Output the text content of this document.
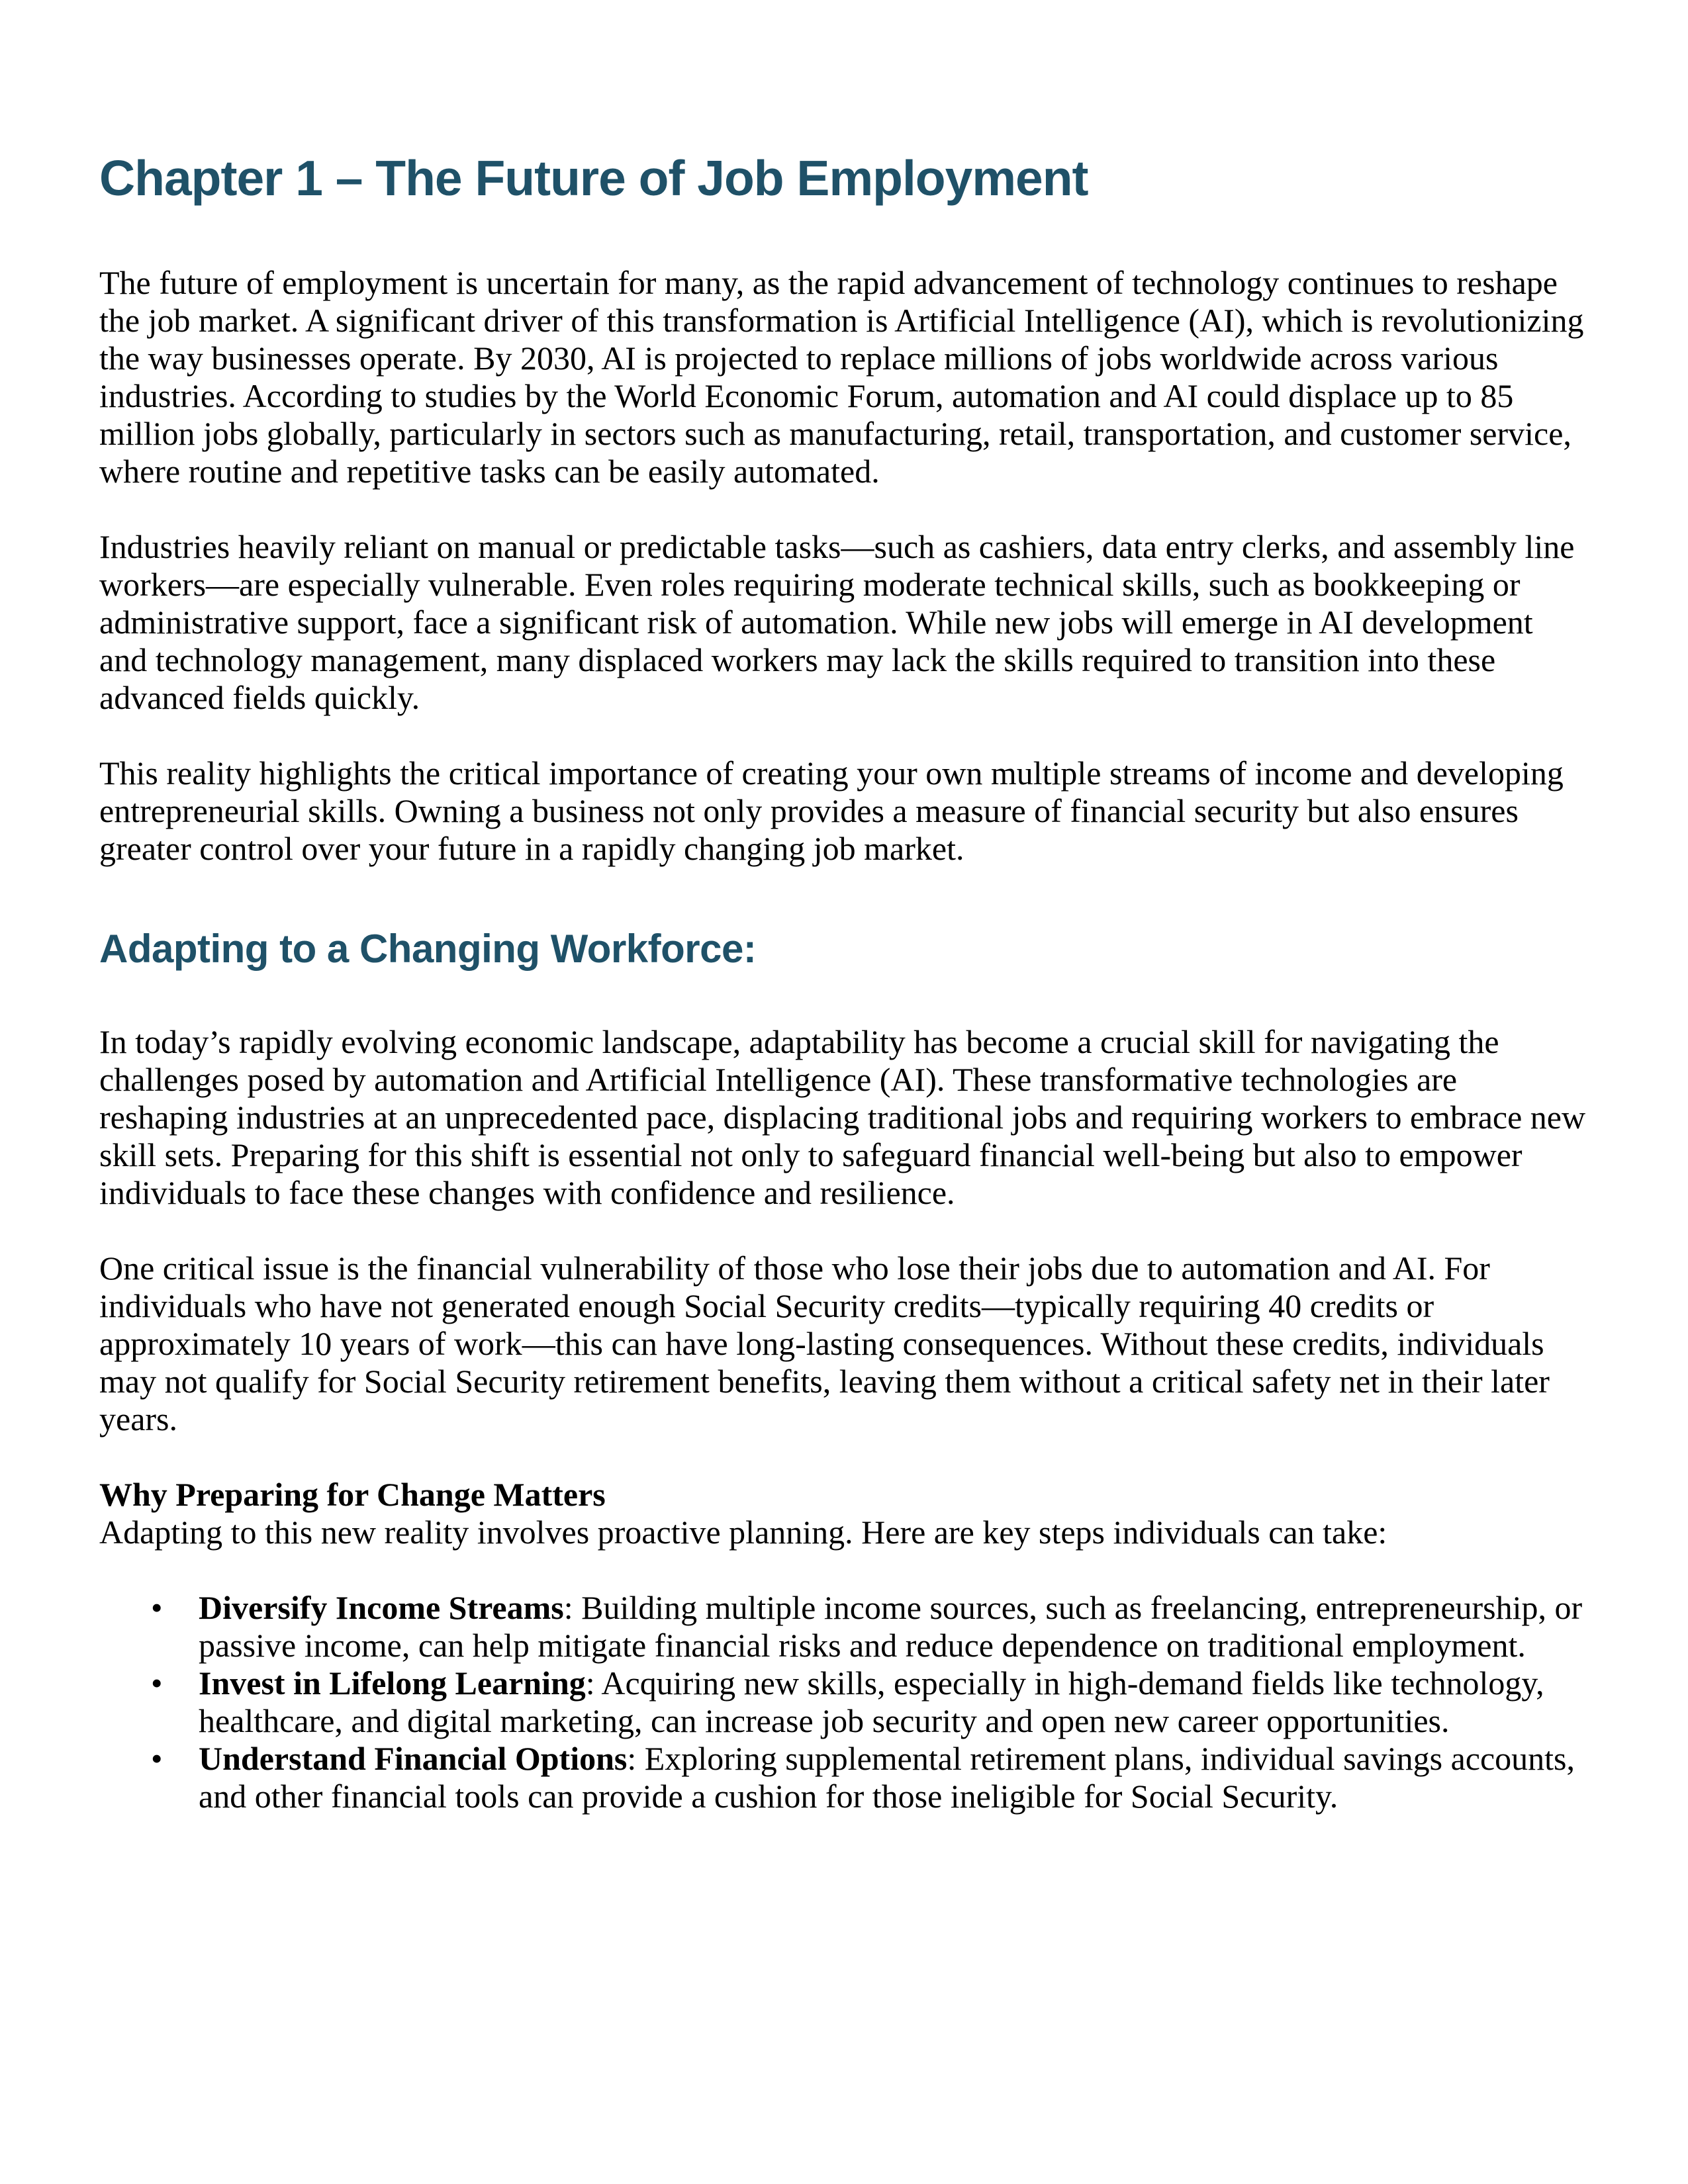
Chapter 1 – The Future of Job Employment

The future of employment is uncertain for many, as the rapid advancement of technology continues to reshape the job market. A significant driver of this transformation is Artificial Intelligence (AI), which is revolutionizing the way businesses operate. By 2030, AI is projected to replace millions of jobs worldwide across various industries. According to studies by the World Economic Forum, automation and AI could displace up to 85 million jobs globally, particularly in sectors such as manufacturing, retail, transportation, and customer service, where routine and repetitive tasks can be easily automated.

Industries heavily reliant on manual or predictable tasks—such as cashiers, data entry clerks, and assembly line workers—are especially vulnerable. Even roles requiring moderate technical skills, such as bookkeeping or administrative support, face a significant risk of automation. While new jobs will emerge in AI development and technology management, many displaced workers may lack the skills required to transition into these advanced fields quickly.

This reality highlights the critical importance of creating your own multiple streams of income and developing entrepreneurial skills. Owning a business not only provides a measure of financial security but also ensures greater control over your future in a rapidly changing job market.

Adapting to a Changing Workforce:

In today’s rapidly evolving economic landscape, adaptability has become a crucial skill for navigating the challenges posed by automation and Artificial Intelligence (AI). These transformative technologies are reshaping industries at an unprecedented pace, displacing traditional jobs and requiring workers to embrace new skill sets. Preparing for this shift is essential not only to safeguard financial well-being but also to empower individuals to face these changes with confidence and resilience.

One critical issue is the financial vulnerability of those who lose their jobs due to automation and AI. For individuals who have not generated enough Social Security credits—typically requiring 40 credits or approximately 10 years of work—this can have long-lasting consequences. Without these credits, individuals may not qualify for Social Security retirement benefits, leaving them without a critical safety net in their later years.

Why Preparing for Change Matters
Adapting to this new reality involves proactive planning. Here are key steps individuals can take:
• Diversify Income Streams: Building multiple income sources, such as freelancing, entrepreneurship, or passive income, can help mitigate financial risks and reduce dependence on traditional employment.
• Invest in Lifelong Learning: Acquiring new skills, especially in high-demand fields like technology, healthcare, and digital marketing, can increase job security and open new career opportunities.
• Understand Financial Options: Exploring supplemental retirement plans, individual savings accounts, and other financial tools can provide a cushion for those ineligible for Social Security.
